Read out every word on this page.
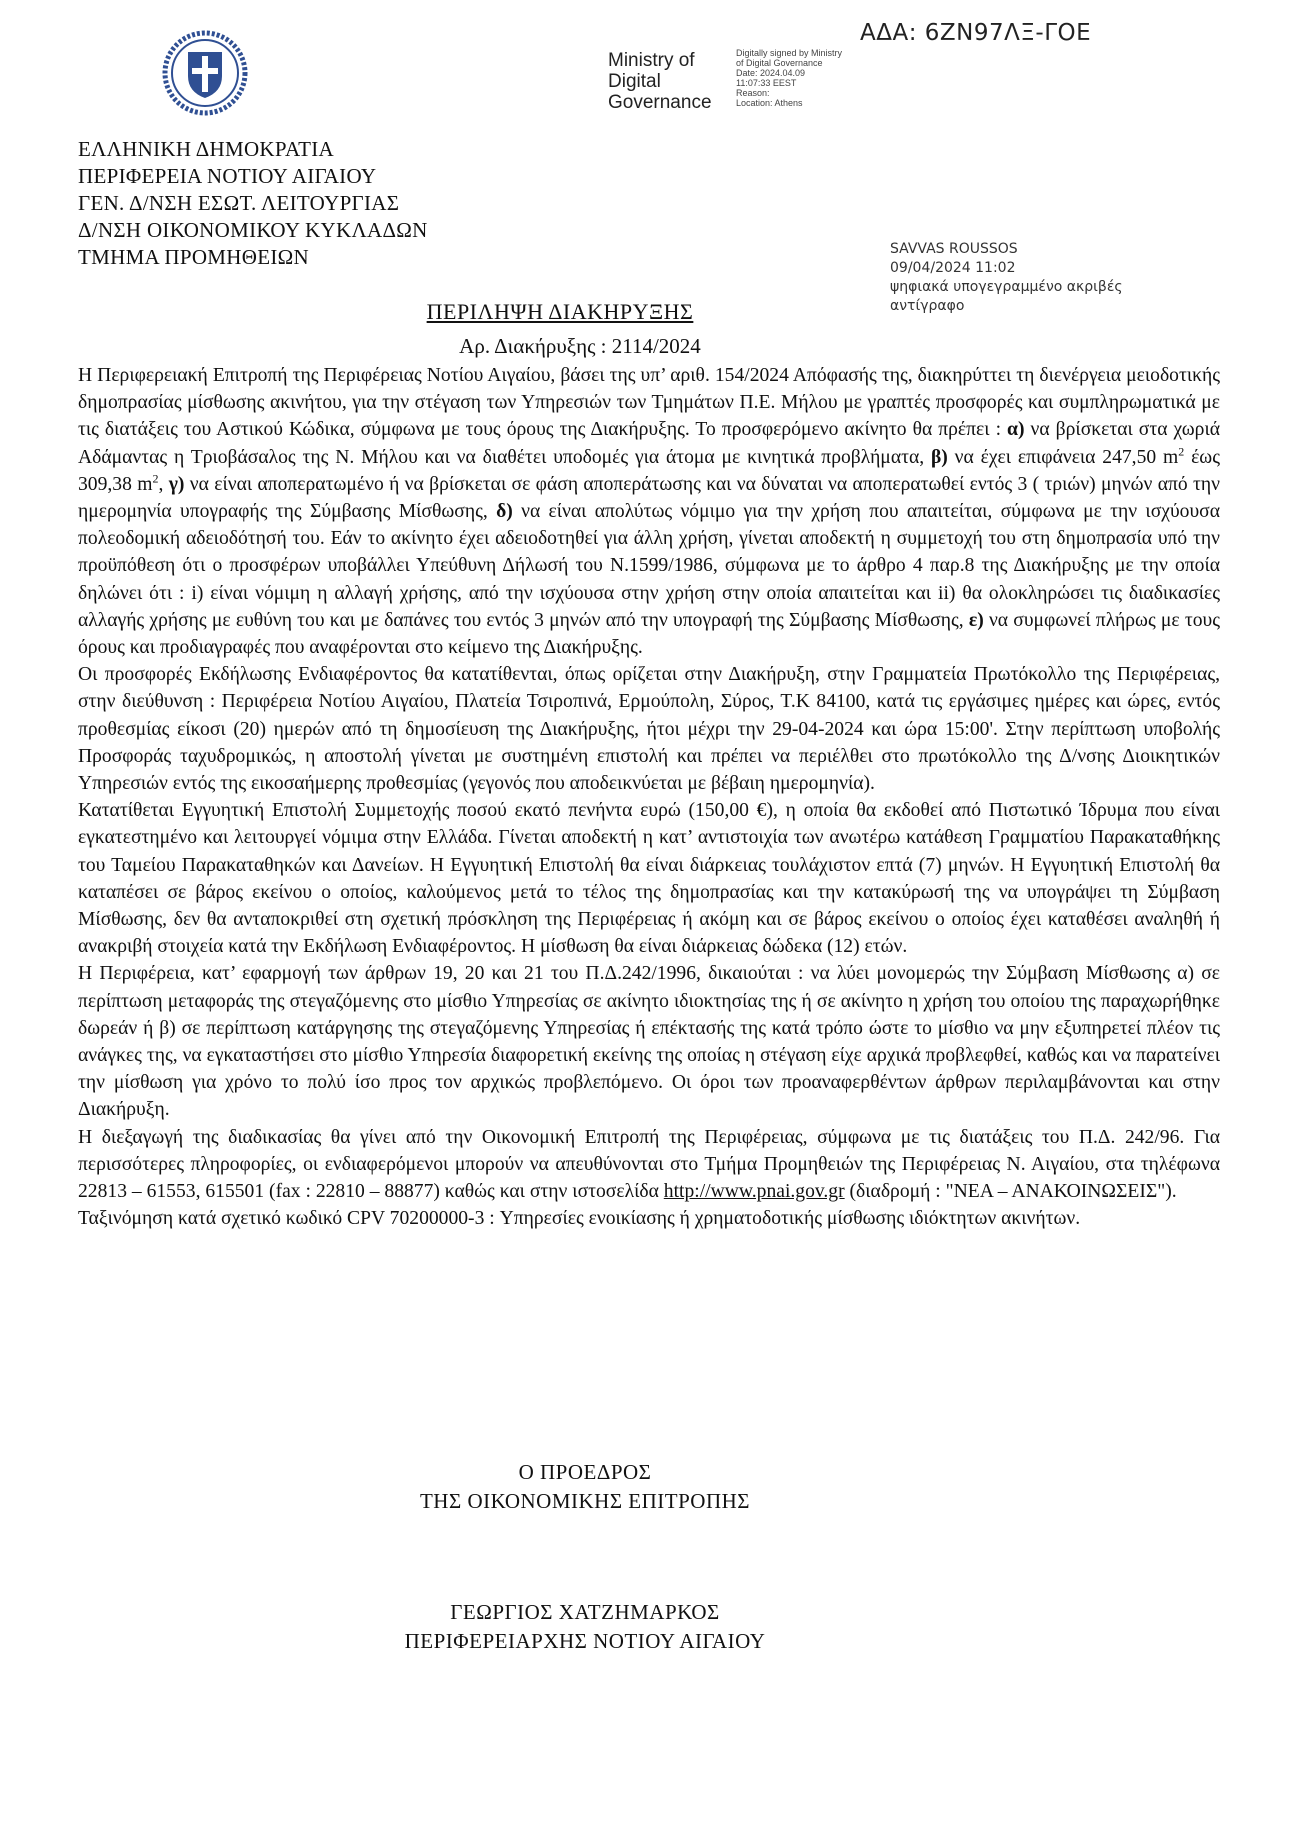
ΑΔΑ: 6ΖΝ97ΛΞ-ΓΟΕ
Ministry of
Digital
Governance
Digitally signed by Ministry
of Digital Governance
Date: 2024.04.09
11:07:33 EEST
Reason:
Location: Athens
ΕΛΛΗΝΙΚΗ ΔΗΜΟΚΡΑΤΙΑ
ΠΕΡΙΦΕΡΕΙΑ ΝΟΤΙΟΥ ΑΙΓΑΙΟΥ
ΓΕΝ. Δ/ΝΣΗ ΕΣΩΤ. ΛΕΙΤΟΥΡΓΙΑΣ
Δ/ΝΣΗ ΟΙΚΟΝΟΜΙΚΟΥ ΚΥΚΛΑΔΩΝ
ΤΜΗΜΑ ΠΡΟΜΗΘΕΙΩΝ	SAVVAS ROUSSOS
09/04/2024 11:02
ψηφιακά υπογεγραμμένο ακριβές
αντίγραφο
ΠΕΡΙΛΗΨΗ ΔΙΑΚΗΡΥΞΗΣ
Αρ. Διακήρυξης : 2114/2024

Η Περιφερειακή Επιτροπή της Περιφέρειας Νοτίου Αιγαίου, βάσει της υπ’ αριθ. 154/2024 Απόφασής της, διακηρύττει τη διενέργεια μειοδοτικής δημοπρασίας μίσθωσης ακινήτου, για την στέγαση των Υπηρεσιών των Τμημάτων Π.Ε. Μήλου με γραπτές προσφορές και συμπληρωματικά με τις διατάξεις του Αστικού Κώδικα, σύμφωνα με τους όρους της Διακήρυξης. Το προσφερόμενο ακίνητο θα πρέπει : α) να βρίσκεται στα χωριά Αδάμαντας η Τριοβάσαλος της Ν. Μήλου και να διαθέτει υποδομές για άτομα με κινητικά προβλήματα, β) να έχει επιφάνεια 247,50 $m^2$ έως 309,38 $m^2$, γ) να είναι αποπερατωμένο ή να βρίσκεται σε φάση αποπεράτωσης και να δύναται να αποπερατωθεί εντός 3 ( τριών) μηνών από την ημερομηνία υπογραφής της Σύμβασης Μίσθωσης, δ) να είναι απολύτως νόμιμο για την χρήση που απαιτείται, σύμφωνα με την ισχύουσα πολεοδομική αδειοδότησή του. Εάν το ακίνητο έχει αδειοδοτηθεί για άλλη χρήση, γίνεται αποδεκτή η συμμετοχή του στη δημοπρασία υπό την προϋπόθεση ότι ο προσφέρων υποβάλλει Υπεύθυνη Δήλωσή του Ν.1599/1986, σύμφωνα με το άρθρο 4 παρ.8 της Διακήρυξης με την οποία δηλώνει ότι : i) είναι νόμιμη η αλλαγή χρήσης, από την ισχύουσα στην χρήση στην οποία απαιτείται και ii) θα ολοκληρώσει τις διαδικασίες αλλαγής χρήσης με ευθύνη του και με δαπάνες του εντός 3 μηνών από την υπογραφή της Σύμβασης Μίσθωσης, ε) να συμφωνεί πλήρως με τους όρους και προδιαγραφές που αναφέρονται στο κείμενο της Διακήρυξης.

Οι προσφορές Εκδήλωσης Ενδιαφέροντος θα κατατίθενται, όπως ορίζεται στην Διακήρυξη, στην Γραμματεία Πρωτόκολλο της Περιφέρειας, στην διεύθυνση : Περιφέρεια Νοτίου Αιγαίου, Πλατεία Τσιροπινά, Ερμούπολη, Σύρος, Τ.Κ 84100, κατά τις εργάσιμες ημέρες και ώρες, εντός προθεσμίας είκοσι (20) ημερών από τη δημοσίευση της Διακήρυξης, ήτοι μέχρι την 29-04-2024 και ώρα 15:00'. Στην περίπτωση υποβολής Προσφοράς ταχυδρομικώς, η αποστολή γίνεται με συστημένη επιστολή και πρέπει να περιέλθει στο πρωτόκολλο της Δ/νσης Διοικητικών Υπηρεσιών εντός της εικοσαήμερης προθεσμίας (γεγονός που αποδεικνύεται με βέβαιη ημερομηνία).

Κατατίθεται Εγγυητική Επιστολή Συμμετοχής ποσού εκατό πενήντα ευρώ (150,00 €), η οποία θα εκδοθεί από Πιστωτικό Ίδρυμα που είναι εγκατεστημένο και λειτουργεί νόμιμα στην Ελλάδα. Γίνεται αποδεκτή η κατ’ αντιστοιχία των ανωτέρω κατάθεση Γραμματίου Παρακαταθήκης του Ταμείου Παρακαταθηκών και Δανείων. Η Εγγυητική Επιστολή θα είναι διάρκειας τουλάχιστον επτά (7) μηνών. Η Εγγυητική Επιστολή θα καταπέσει σε βάρος εκείνου ο οποίος, καλούμενος μετά το τέλος της δημοπρασίας και την κατακύρωσή της να υπογράψει τη Σύμβαση Μίσθωσης, δεν θα ανταποκριθεί στη σχετική πρόσκληση της Περιφέρειας ή ακόμη και σε βάρος εκείνου ο οποίος έχει καταθέσει αναληθή ή ανακριβή στοιχεία κατά την Εκδήλωση Ενδιαφέροντος. Η μίσθωση θα είναι διάρκειας δώδεκα (12) ετών.

Η Περιφέρεια, κατ’ εφαρμογή των άρθρων 19, 20 και 21 του Π.Δ.242/1996, δικαιούται : να λύει μονομερώς την Σύμβαση Μίσθωσης α) σε περίπτωση μεταφοράς της στεγαζόμενης στο μίσθιο Υπηρεσίας σε ακίνητο ιδιοκτησίας της ή σε ακίνητο η χρήση του οποίου της παραχωρήθηκε δωρεάν ή β) σε περίπτωση κατάργησης της στεγαζόμενης Υπηρεσίας ή επέκτασής της κατά τρόπο ώστε το μίσθιο να μην εξυπηρετεί πλέον τις ανάγκες της, να εγκαταστήσει στο μίσθιο Υπηρεσία διαφορετική εκείνης της οποίας η στέγαση είχε αρχικά προβλεφθεί, καθώς και να παρατείνει την μίσθωση για χρόνο το πολύ ίσο προς τον αρχικώς προβλεπόμενο. Οι όροι των προαναφερθέντων άρθρων περιλαμβάνονται και στην Διακήρυξη.

Η διεξαγωγή της διαδικασίας θα γίνει από την Οικονομική Επιτροπή της Περιφέρειας, σύμφωνα με τις διατάξεις του Π.Δ. 242/96. Για περισσότερες πληροφορίες, οι ενδιαφερόμενοι μπορούν να απευθύνονται στο Τμήμα Προμηθειών της Περιφέρειας Ν. Αιγαίου, στα τηλέφωνα 22813 – 61553, 615501 (fax : 22810 – 88877) καθώς και στην ιστοσελίδα http://www.pnai.gov.gr (διαδρομή : "ΝΕΑ – ΑΝΑΚΟΙΝΩΣΕΙΣ").

Ταξινόμηση κατά σχετικό κωδικό CPV 70200000-3 : Υπηρεσίες ενοικίασης ή χρηματοδοτικής μίσθωσης ιδιόκτητων ακινήτων.

Ο ΠΡΟΕΔΡΟΣ
ΤΗΣ ΟΙΚΟΝΟΜΙΚΗΣ ΕΠΙΤΡΟΠΗΣ
ΓΕΩΡΓΙΟΣ ΧΑΤΖΗΜΑΡΚΟΣ
ΠΕΡΙΦΕΡΕΙΑΡΧΗΣ ΝΟΤΙΟΥ ΑΙΓΑΙΟΥ
